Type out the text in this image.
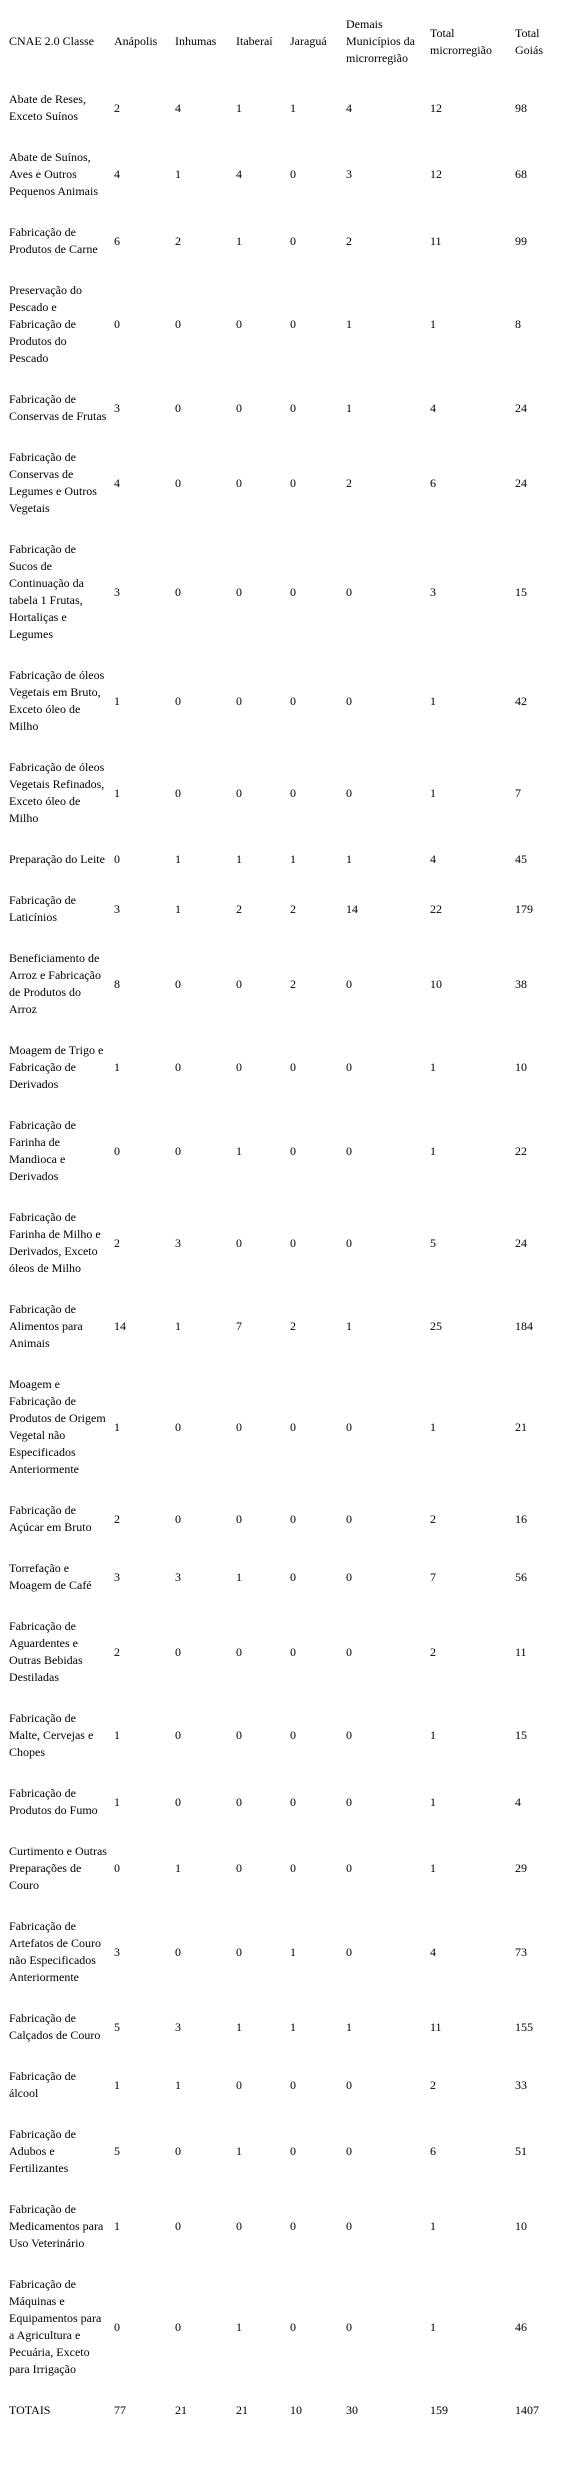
CNAE 2.0 Classe	Anápolis	Inhumas	Itaberaí	Jaraguá	Demais Municípios da microrregião	Total microrregião	Total Goiás
Abate de Reses, Exceto Suínos	2	4	1	1	4	12	98
Abate de Suínos, Aves e Outros Pequenos Animais	4	1	4	0	3	12	68
Fabricação de Produtos de Carne	6	2	1	0	2	11	99
Preservação do Pescado e Fabricação de Produtos do Pescado	0	0	0	0	1	1	8
Fabricação de Conservas de Frutas	3	0	0	0	1	4	24
Fabricação de Conservas de Legumes e Outros Vegetais	4	0	0	0	2	6	24
Fabricação de Sucos de Continuação da tabela 1 Frutas, Hortaliças e Legumes	3	0	0	0	0	3	15
Fabricação de óleos Vegetais em Bruto, Exceto óleo de Milho	1	0	0	0	0	1	42
Fabricação de óleos Vegetais Refinados, Exceto óleo de Milho	1	0	0	0	0	1	7
Preparação do Leite	0	1	1	1	1	4	45
Fabricação de Laticínios	3	1	2	2	14	22	179
Beneficiamento de Arroz e Fabricação de Produtos do Arroz	8	0	0	2	0	10	38
Moagem de Trigo e Fabricação de Derivados	1	0	0	0	0	1	10
Fabricação de Farinha de Mandioca e Derivados	0	0	1	0	0	1	22
Fabricação de Farinha de Milho e Derivados, Exceto óleos de Milho	2	3	0	0	0	5	24
Fabricação de Alimentos para Animais	14	1	7	2	1	25	184
Moagem e Fabricação de Produtos de Origem Vegetal não Especificados Anteriormente	1	0	0	0	0	1	21
Fabricação de Açúcar em Bruto	2	0	0	0	0	2	16
Torrefação e Moagem de Café	3	3	1	0	0	7	56
Fabricação de Aguardentes e Outras Bebidas Destiladas	2	0	0	0	0	2	11
Fabricação de Malte, Cervejas e Chopes	1	0	0	0	0	1	15
Fabricação de Produtos do Fumo	1	0	0	0	0	1	4
Curtimento e Outras Preparações de Couro	0	1	0	0	0	1	29
Fabricação de Artefatos de Couro não Especificados Anteriormente	3	0	0	1	0	4	73
Fabricação de Calçados de Couro	5	3	1	1	1	11	155
Fabricação de álcool	1	1	0	0	0	2	33
Fabricação de Adubos e Fertilizantes	5	0	1	0	0	6	51
Fabricação de Medicamentos para Uso Veterinário	1	0	0	0	0	1	10
Fabricação de Máquinas e Equipamentos para a Agricultura e Pecuária, Exceto para Irrigação	0	0	1	0	0	1	46
TOTAIS	77	21	21	10	30	159	1407
